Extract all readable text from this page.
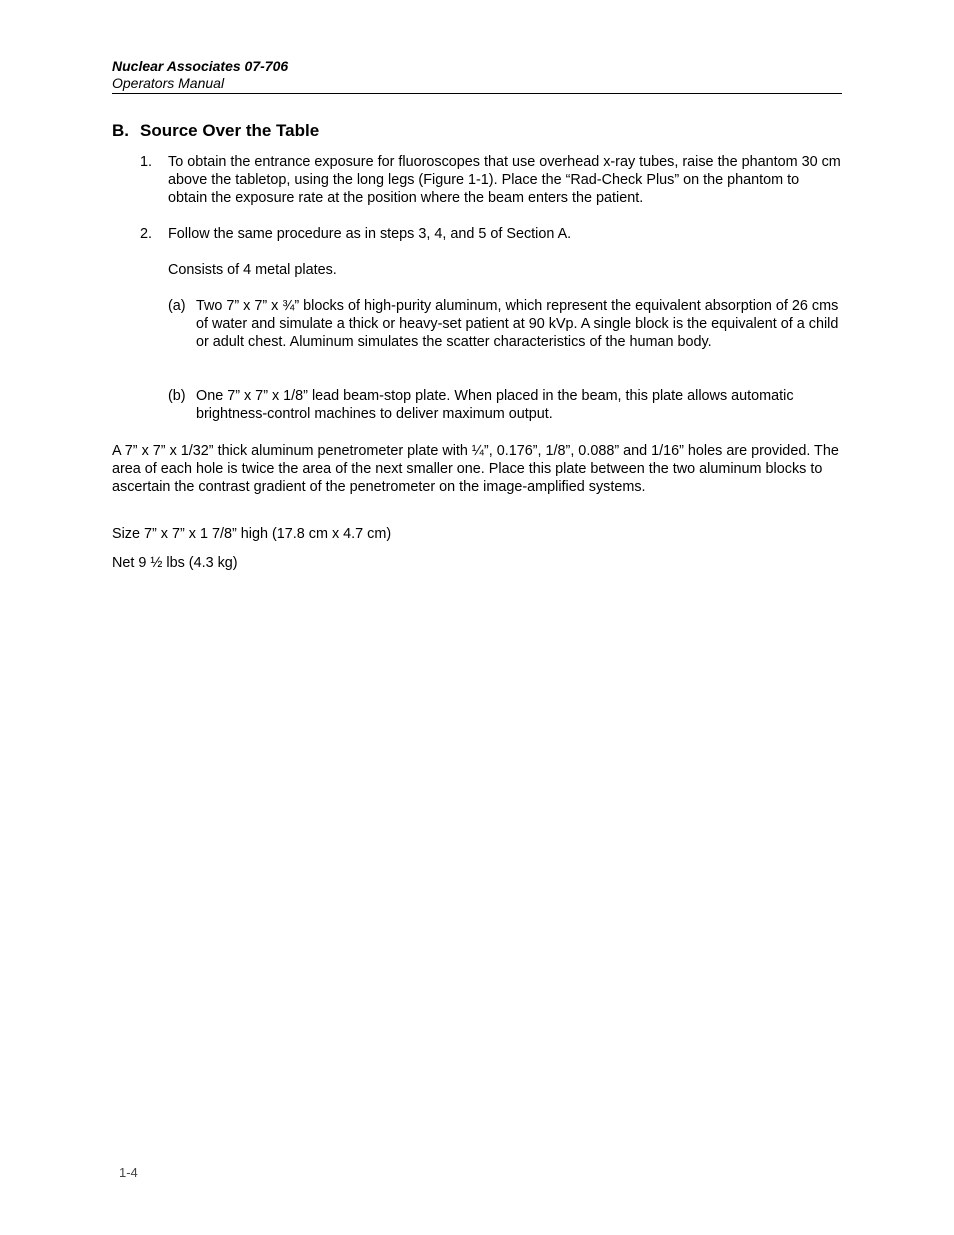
Nuclear Associates 07-706
Operators Manual
B. Source Over the Table
1. To obtain the entrance exposure for fluoroscopes that use overhead x-ray tubes, raise the phantom 30 cm above the tabletop, using the long legs (Figure 1-1). Place the “Rad-Check Plus” on the phantom to obtain the exposure rate at the position where the beam enters the patient.
2. Follow the same procedure as in steps 3, 4, and 5 of Section A.
Consists of 4 metal plates.
(a) Two 7” x 7” x ¾” blocks of high-purity aluminum, which represent the equivalent absorption of 26 cms of water and simulate a thick or heavy-set patient at 90 kVp. A single block is the equivalent of a child or adult chest. Aluminum simulates the scatter characteristics of the human body.
(b) One 7” x 7” x 1/8” lead beam-stop plate. When placed in the beam, this plate allows automatic brightness-control machines to deliver maximum output.
A 7” x 7” x 1/32” thick aluminum penetrometer plate with ¼”, 0.176”, 1/8”, 0.088” and 1/16” holes are provided. The area of each hole is twice the area of the next smaller one. Place this plate between the two aluminum blocks to ascertain the contrast gradient of the penetrometer on the image-amplified systems.
Size 7” x 7” x 1 7/8” high (17.8 cm x 4.7 cm)
Net 9 ½ lbs (4.3 kg)
1-4
